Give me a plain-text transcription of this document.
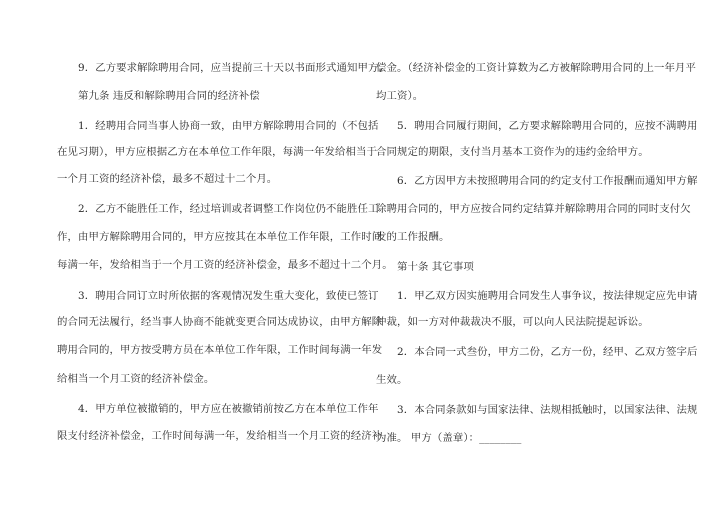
9．乙方要求解除聘用合同，应当提前三十天以书面形式通知甲方。
第九条 违反和解除聘用合同的经济补偿
1．经聘用合同当事人协商一致，由甲方解除聘用合同的（不包括
在见习期），甲方应根据乙方在本单位工作年限，每满一年发给相当于
一个月工资的经济补偿，最多不超过十二个月。
2．乙方不能胜任工作，经过培训或者调整工作岗位仍不能胜任工
作，由甲方解除聘用合同的，甲方应按其在本单位工作年限，工作时间
每满一年，发给相当于一个月工资的经济补偿金，最多不超过十二个月。
3．聘用合同订立时所依据的客观情况发生重大变化，致使已签订
的合同无法履行，经当事人协商不能就变更合同达成协议，由甲方解除
聘用合同的，甲方按受聘方员在本单位工作年限，工作时间每满一年发
给相当一个月工资的经济补偿金。
4．甲方单位被撤销的，甲方应在被撤销前按乙方在本单位工作年
限支付经济补偿金，工作时间每满一年，发给相当一个月工资的经济补
偿金。（经济补偿金的工资计算数为乙方被解除聘用合同的上一年月平
均工资）。
5．聘用合同履行期间，乙方要求解除聘用合同的，应按不满聘用
合同规定的期限，支付当月基本工资作为的违约金给甲方。
6．乙方因甲方未按照聘用合同的约定支付工作报酬而通知甲方解
除聘用合同的，甲方应按合同约定结算并解除聘用合同的同时支付欠
发的工作报酬。
第十条 其它事项
1．甲乙双方因实施聘用合同发生人事争议，按法律规定应先申请
仲裁，如一方对仲裁裁决不服，可以向人民法院提起诉讼。
2．本合同一式叁份，甲方二份，乙方一份，经甲、乙双方签字后
生效。
3．本合同条款如与国家法律、法规相抵触时，以国家法律、法规
为准。 甲方（盖章）：________
